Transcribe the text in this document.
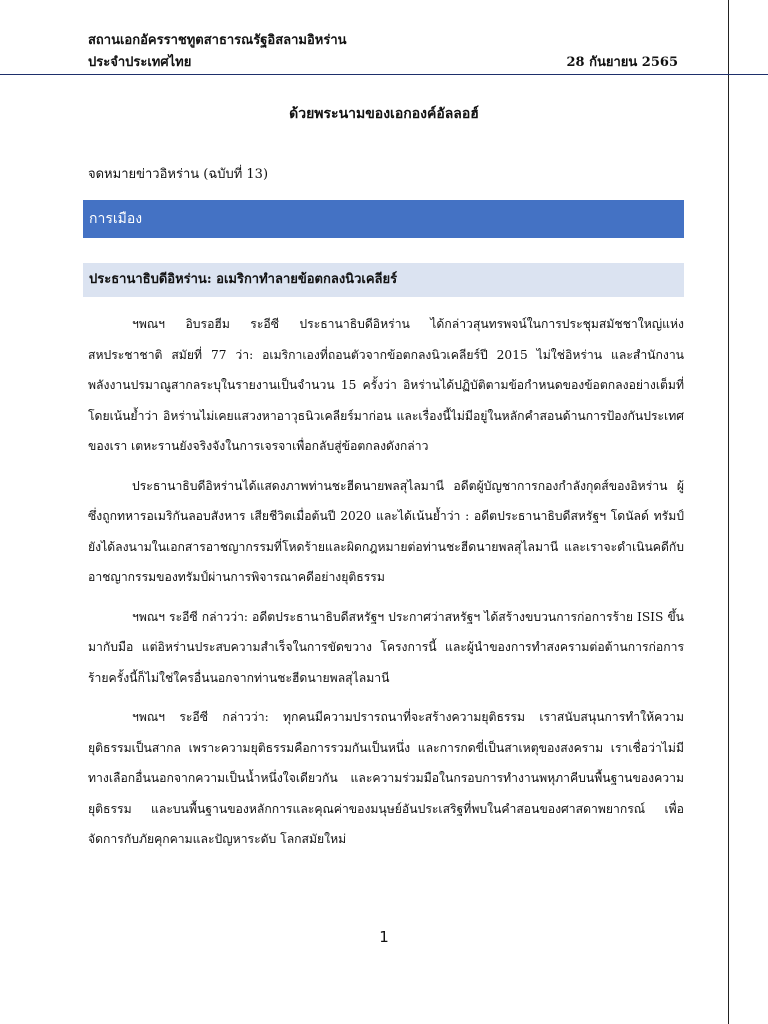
สถานเอกอัครราชทูตสาธารณรัฐอิสลามอิหร่าน
ประจำประเทศไทย	28 กันยายน 2565
ด้วยพระนามของเอกองค์อัลลอฮ์
จดหมายข่าวอิหร่าน (ฉบับที่ 13)
การเมือง
ประธานาธิบดีอิหร่าน: อเมริกาทำลายข้อตกลงนิวเคลียร์

ฯพณฯ อิบรอฮีม ระอีซี ประธานาธิบดีอิหร่าน ได้กล่าวสุนทรพจน์ในการประชุมสมัชชาใหญ่แห่งสหประชาชาติ สมัยที่ 77 ว่า: อเมริกาเองที่ถอนตัวจากข้อตกลงนิวเคลียร์ปี 2015 ไม่ใช่อิหร่าน และสำนักงานพลังงานปรมาณูสากลระบุในรายงานเป็นจำนวน 15 ครั้งว่า อิหร่านได้ปฏิบัติตามข้อกำหนดของข้อตกลงอย่างเต็มที่ โดยเน้นย้ำว่า อิหร่านไม่เคยแสวงหาอาวุธนิวเคลียร์มาก่อน และเรื่องนี้ไม่มีอยู่ในหลักคำสอนด้านการป้องกันประเทศของเรา เตหะรานยังจริงจังในการเจรจาเพื่อกลับสู่ข้อตกลงดังกล่าว

ประธานาธิบดีอิหร่านได้แสดงภาพท่านชะฮีดนายพลสุไลมานี อดีตผู้บัญชาการกองกำลังกุดส์ของอิหร่าน ผู้ซึ่งถูกทหารอเมริกันลอบสังหาร เสียชีวิตเมื่อต้นปี 2020 และได้เน้นย้ำว่า : อดีตประธานาธิบดีสหรัฐฯ โดนัลด์ ทรัมป์ ยังได้ลงนามในเอกสารอาชญากรรมที่โหดร้ายและผิดกฎหมายต่อท่านชะฮีดนายพลสุไลมานี และเราจะดำเนินคดีกับอาชญากรรมของทรัมป์ผ่านการพิจารณาคดีอย่างยุติธรรม

ฯพณฯ ระอีซี กล่าวว่า: อดีตประธานาธิบดีสหรัฐฯ ประกาศว่าสหรัฐฯ ได้สร้างขบวนการก่อการร้าย ISIS ขึ้นมากับมือ แต่อิหร่านประสบความสำเร็จในการขัดขวาง โครงการนี้ และผู้นำของการทำสงครามต่อต้านการก่อการร้ายครั้งนี้ก็ไม่ใช่ใครอื่นนอกจากท่านชะฮีดนายพลสุไลมานี

ฯพณฯ ระอีซี กล่าวว่า: ทุกคนมีความปรารถนาที่จะสร้างความยุติธรรม เราสนับสนุนการทำให้ความยุติธรรมเป็นสากล เพราะความยุติธรรมคือการรวมกันเป็นหนึ่ง และการกดขี่เป็นสาเหตุของสงคราม เราเชื่อว่าไม่มีทางเลือกอื่นนอกจากความเป็นน้ำหนึ่งใจเดียวกัน และความร่วมมือในกรอบการทำงานพหุภาคีบนพื้นฐานของความยุติธรรม และบนพื้นฐานของหลักการและคุณค่าของมนุษย์อันประเสริฐที่พบในคำสอนของศาสดาพยากรณ์ เพื่อจัดการกับภัยคุกคามและปัญหาระดับ โลกสมัยใหม่

1
